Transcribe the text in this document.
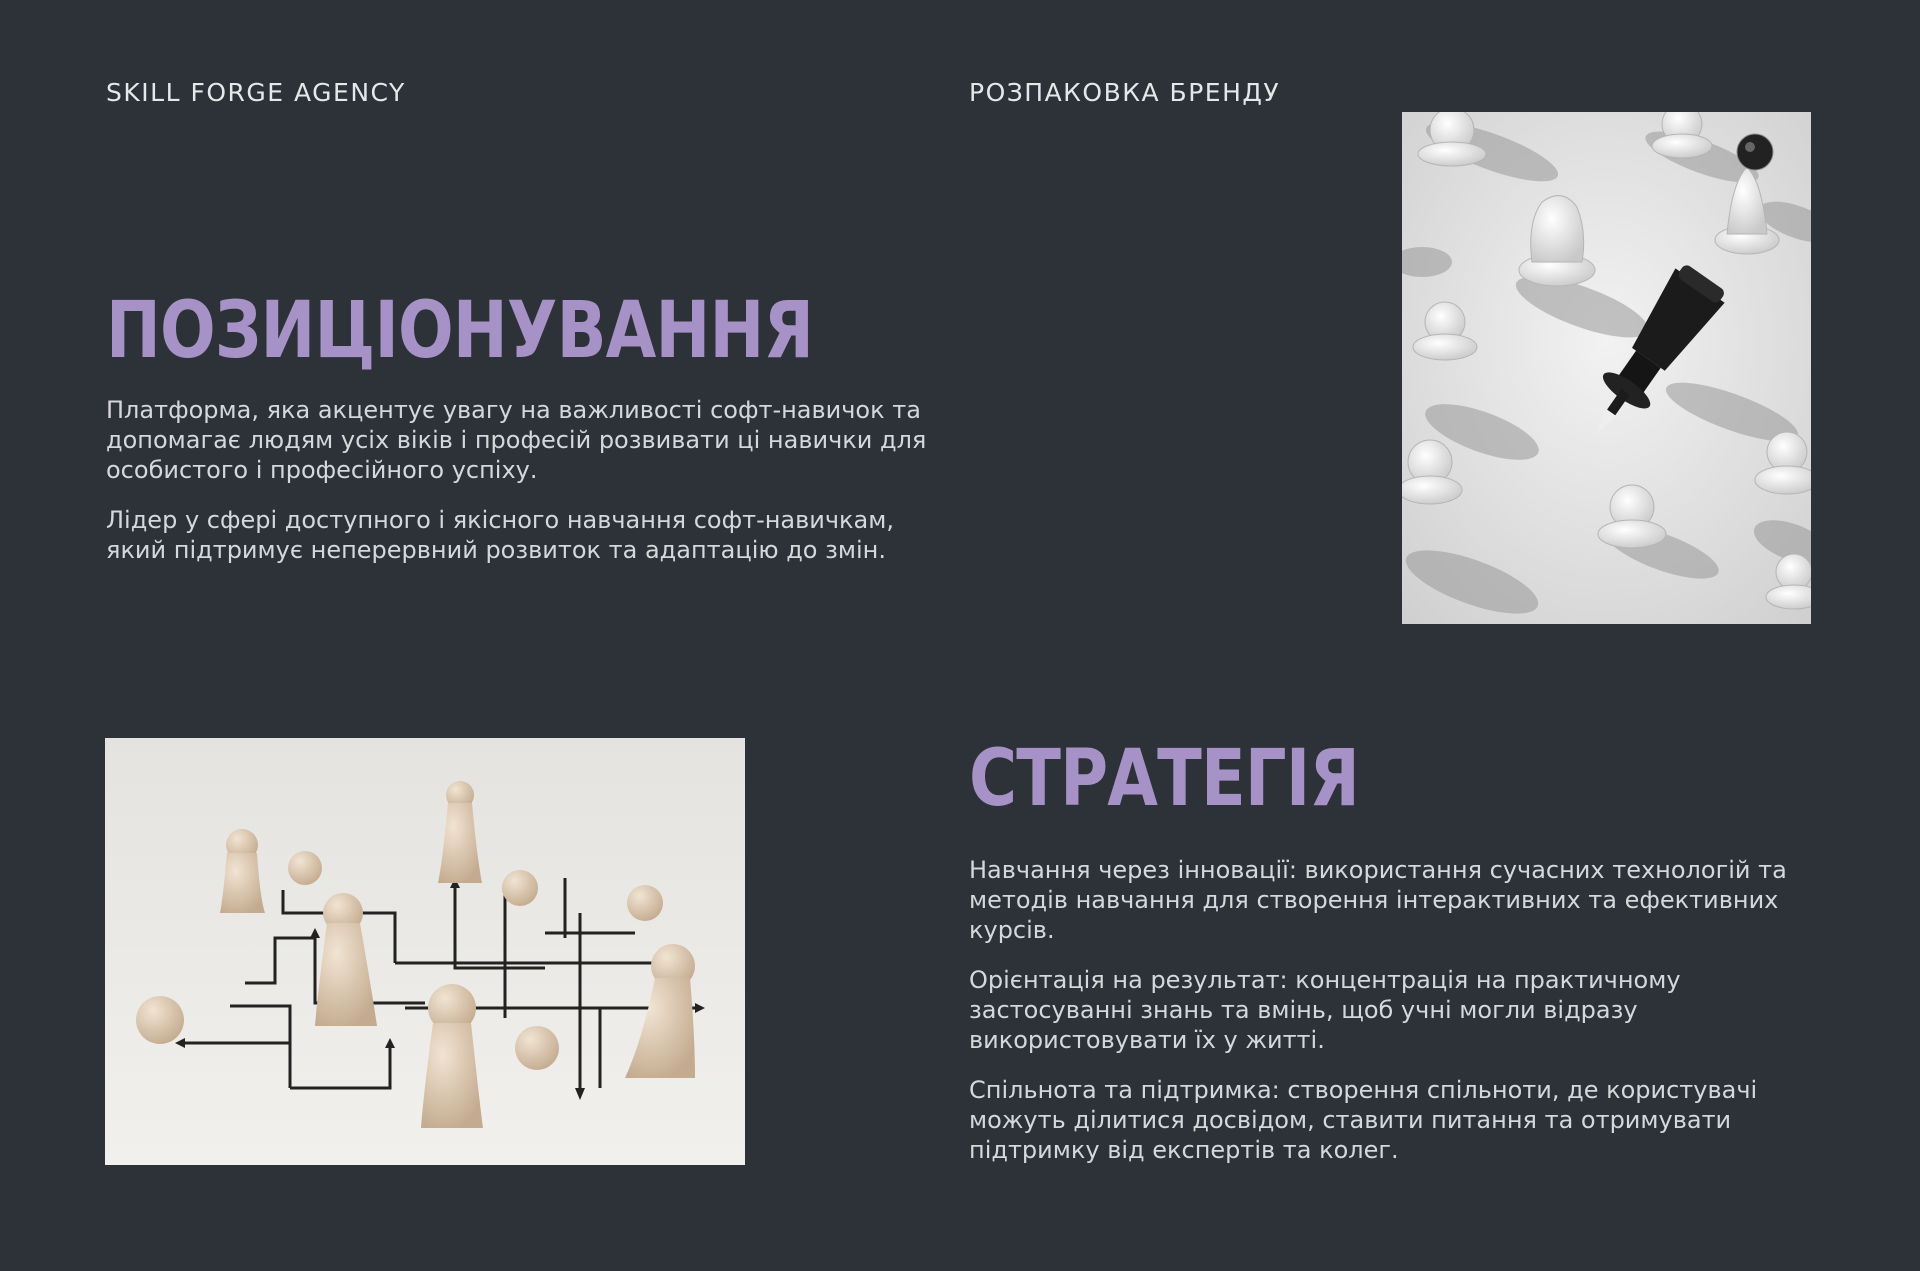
SKILL FORGE AGENCY	РОЗПАКОВКА БРЕНДУ

ПОЗИЦІОНУВАННЯ

Платформа, яка акцентує увагу на важливості софт-навичок та допомагає людям усіх віків і професій розвивати ці навички для особистого і професійного успіху.

Лідер у сфері доступного і якісного навчання софт-навичкам, який підтримує неперервний розвиток та адаптацію до змін.

СТРАТЕГІЯ

Навчання через інновації: використання сучасних технологій та методів навчання для створення інтерактивних та ефективних курсів.

Орієнтація на результат: концентрація на практичному застосуванні знань та вмінь, щоб учні могли відразу використовувати їх у житті.

Спільнота та підтримка: створення спільноти, де користувачі можуть ділитися досвідом, ставити питання та отримувати підтримку від експертів та колег.
